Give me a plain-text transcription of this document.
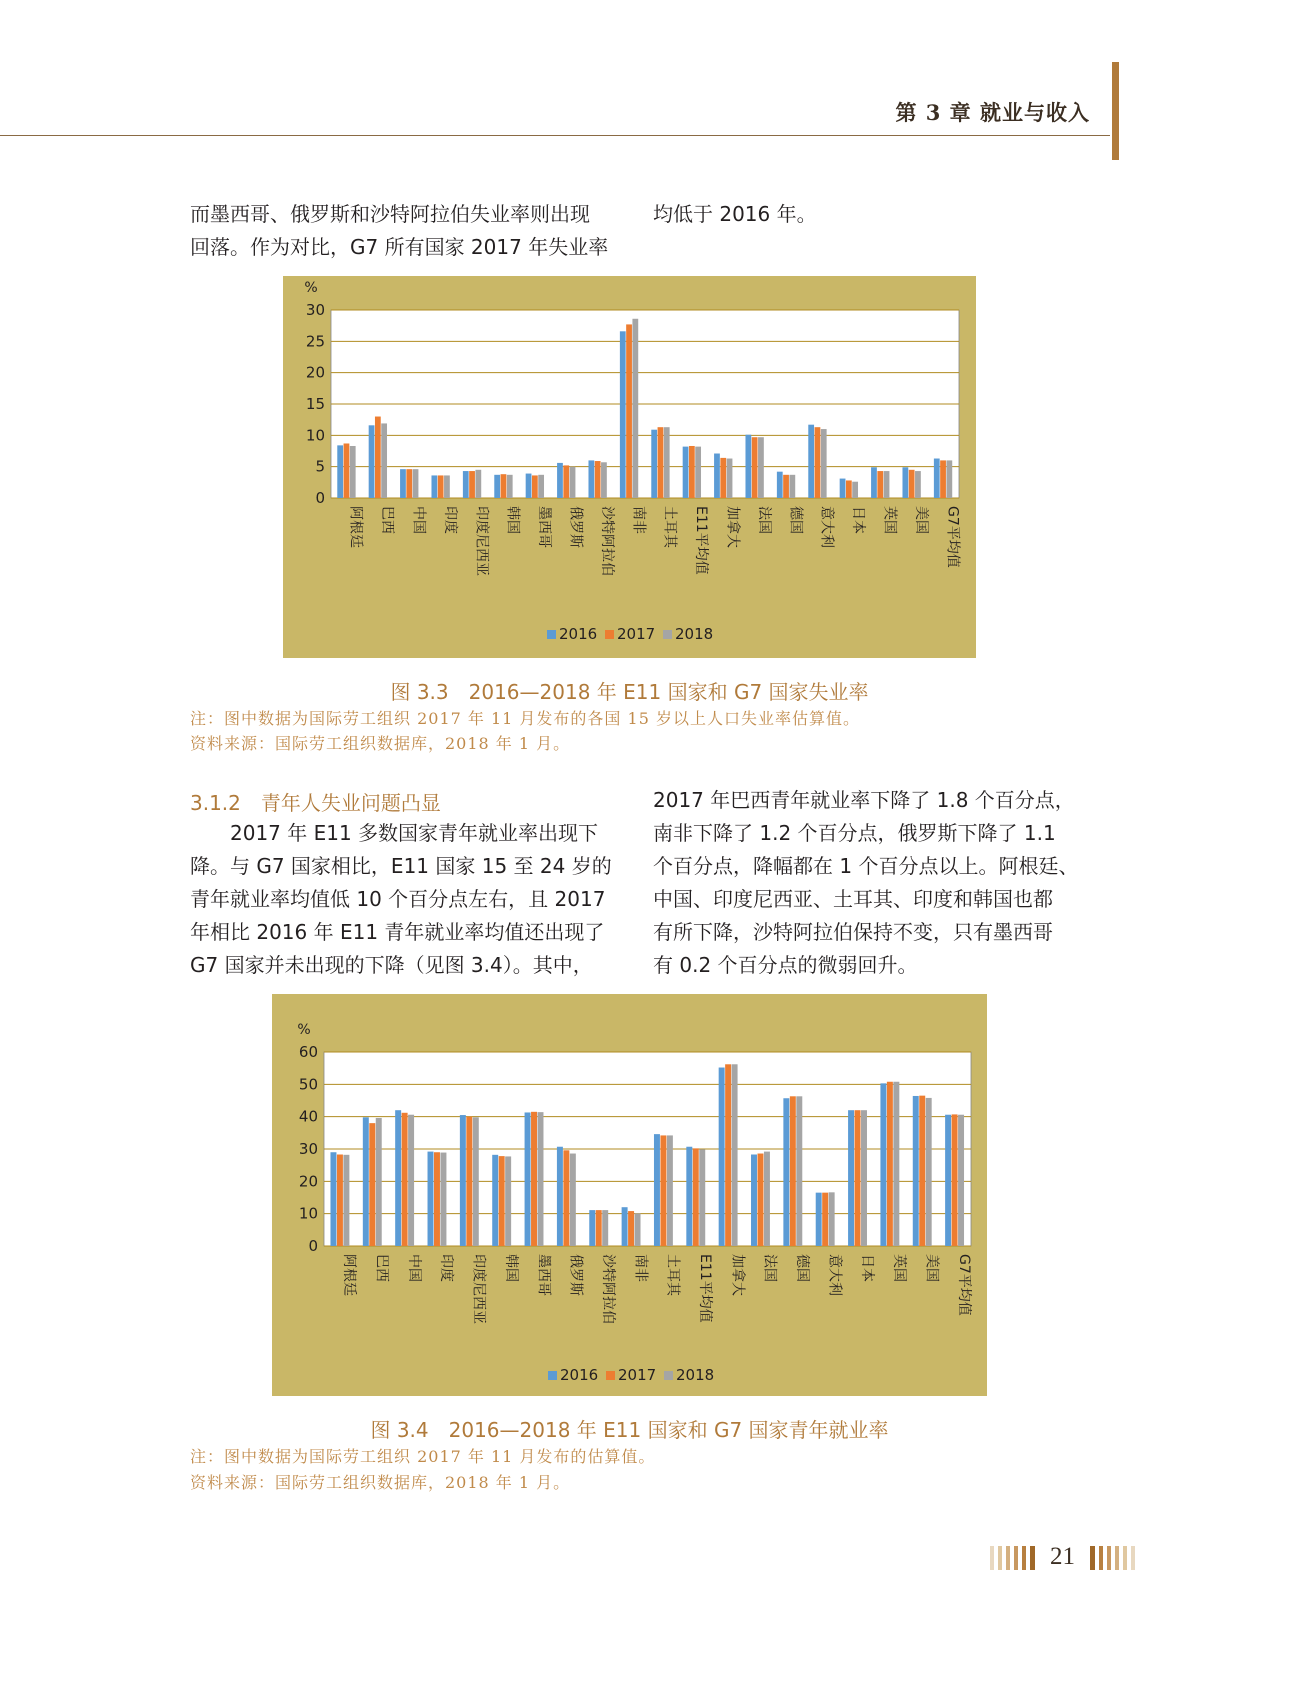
第 3 章 就业与收入
而墨西哥、俄罗斯和沙特阿拉伯失业率则出现
回落。作为对比，G7 所有国家 2017 年失业率
均低于 2016 年。
0
5
10
15
20
25
30
%
阿根廷 巴西 中国 印度 印度尼西亚 韩国 墨西哥 俄罗斯 沙特阿拉伯 南非 土耳其 E11平均值 加拿大 法国 德国 意大利 日本 英国 美国 G7平均值
2016 2017 2018
图 3.3　2016—2018 年 E11 国家和 G7 国家失业率
注：图中数据为国际劳工组织 2017 年 11 月发布的各国 15 岁以上人口失业率估算值。
资料来源：国际劳工组织数据库，2018 年 1 月。
3.1.2　青年人失业问题凸显
　　2017 年 E11 多数国家青年就业率出现下
降。与 G7 国家相比，E11 国家 15 至 24 岁的
青年就业率均值低 10 个百分点左右，且 2017
年相比 2016 年 E11 青年就业率均值还出现了
G7 国家并未出现的下降（见图 3.4）。其中，
2017 年巴西青年就业率下降了 1.8 个百分点，
南非下降了 1.2 个百分点，俄罗斯下降了 1.1
个百分点，降幅都在 1 个百分点以上。阿根廷、
中国、印度尼西亚、土耳其、印度和韩国也都
有所下降，沙特阿拉伯保持不变，只有墨西哥
有 0.2 个百分点的微弱回升。
0
10
20
30
40
50
60
%
阿根廷 巴西 中国 印度 印度尼西亚 韩国 墨西哥 俄罗斯 沙特阿拉伯 南非 土耳其 E11平均值 加拿大 法国 德国 意大利 日本 英国 美国 G7平均值
2016 2017 2018
图 3.4　2016—2018 年 E11 国家和 G7 国家青年就业率
注：图中数据为国际劳工组织 2017 年 11 月发布的估算值。
资料来源：国际劳工组织数据库，2018 年 1 月。
21
